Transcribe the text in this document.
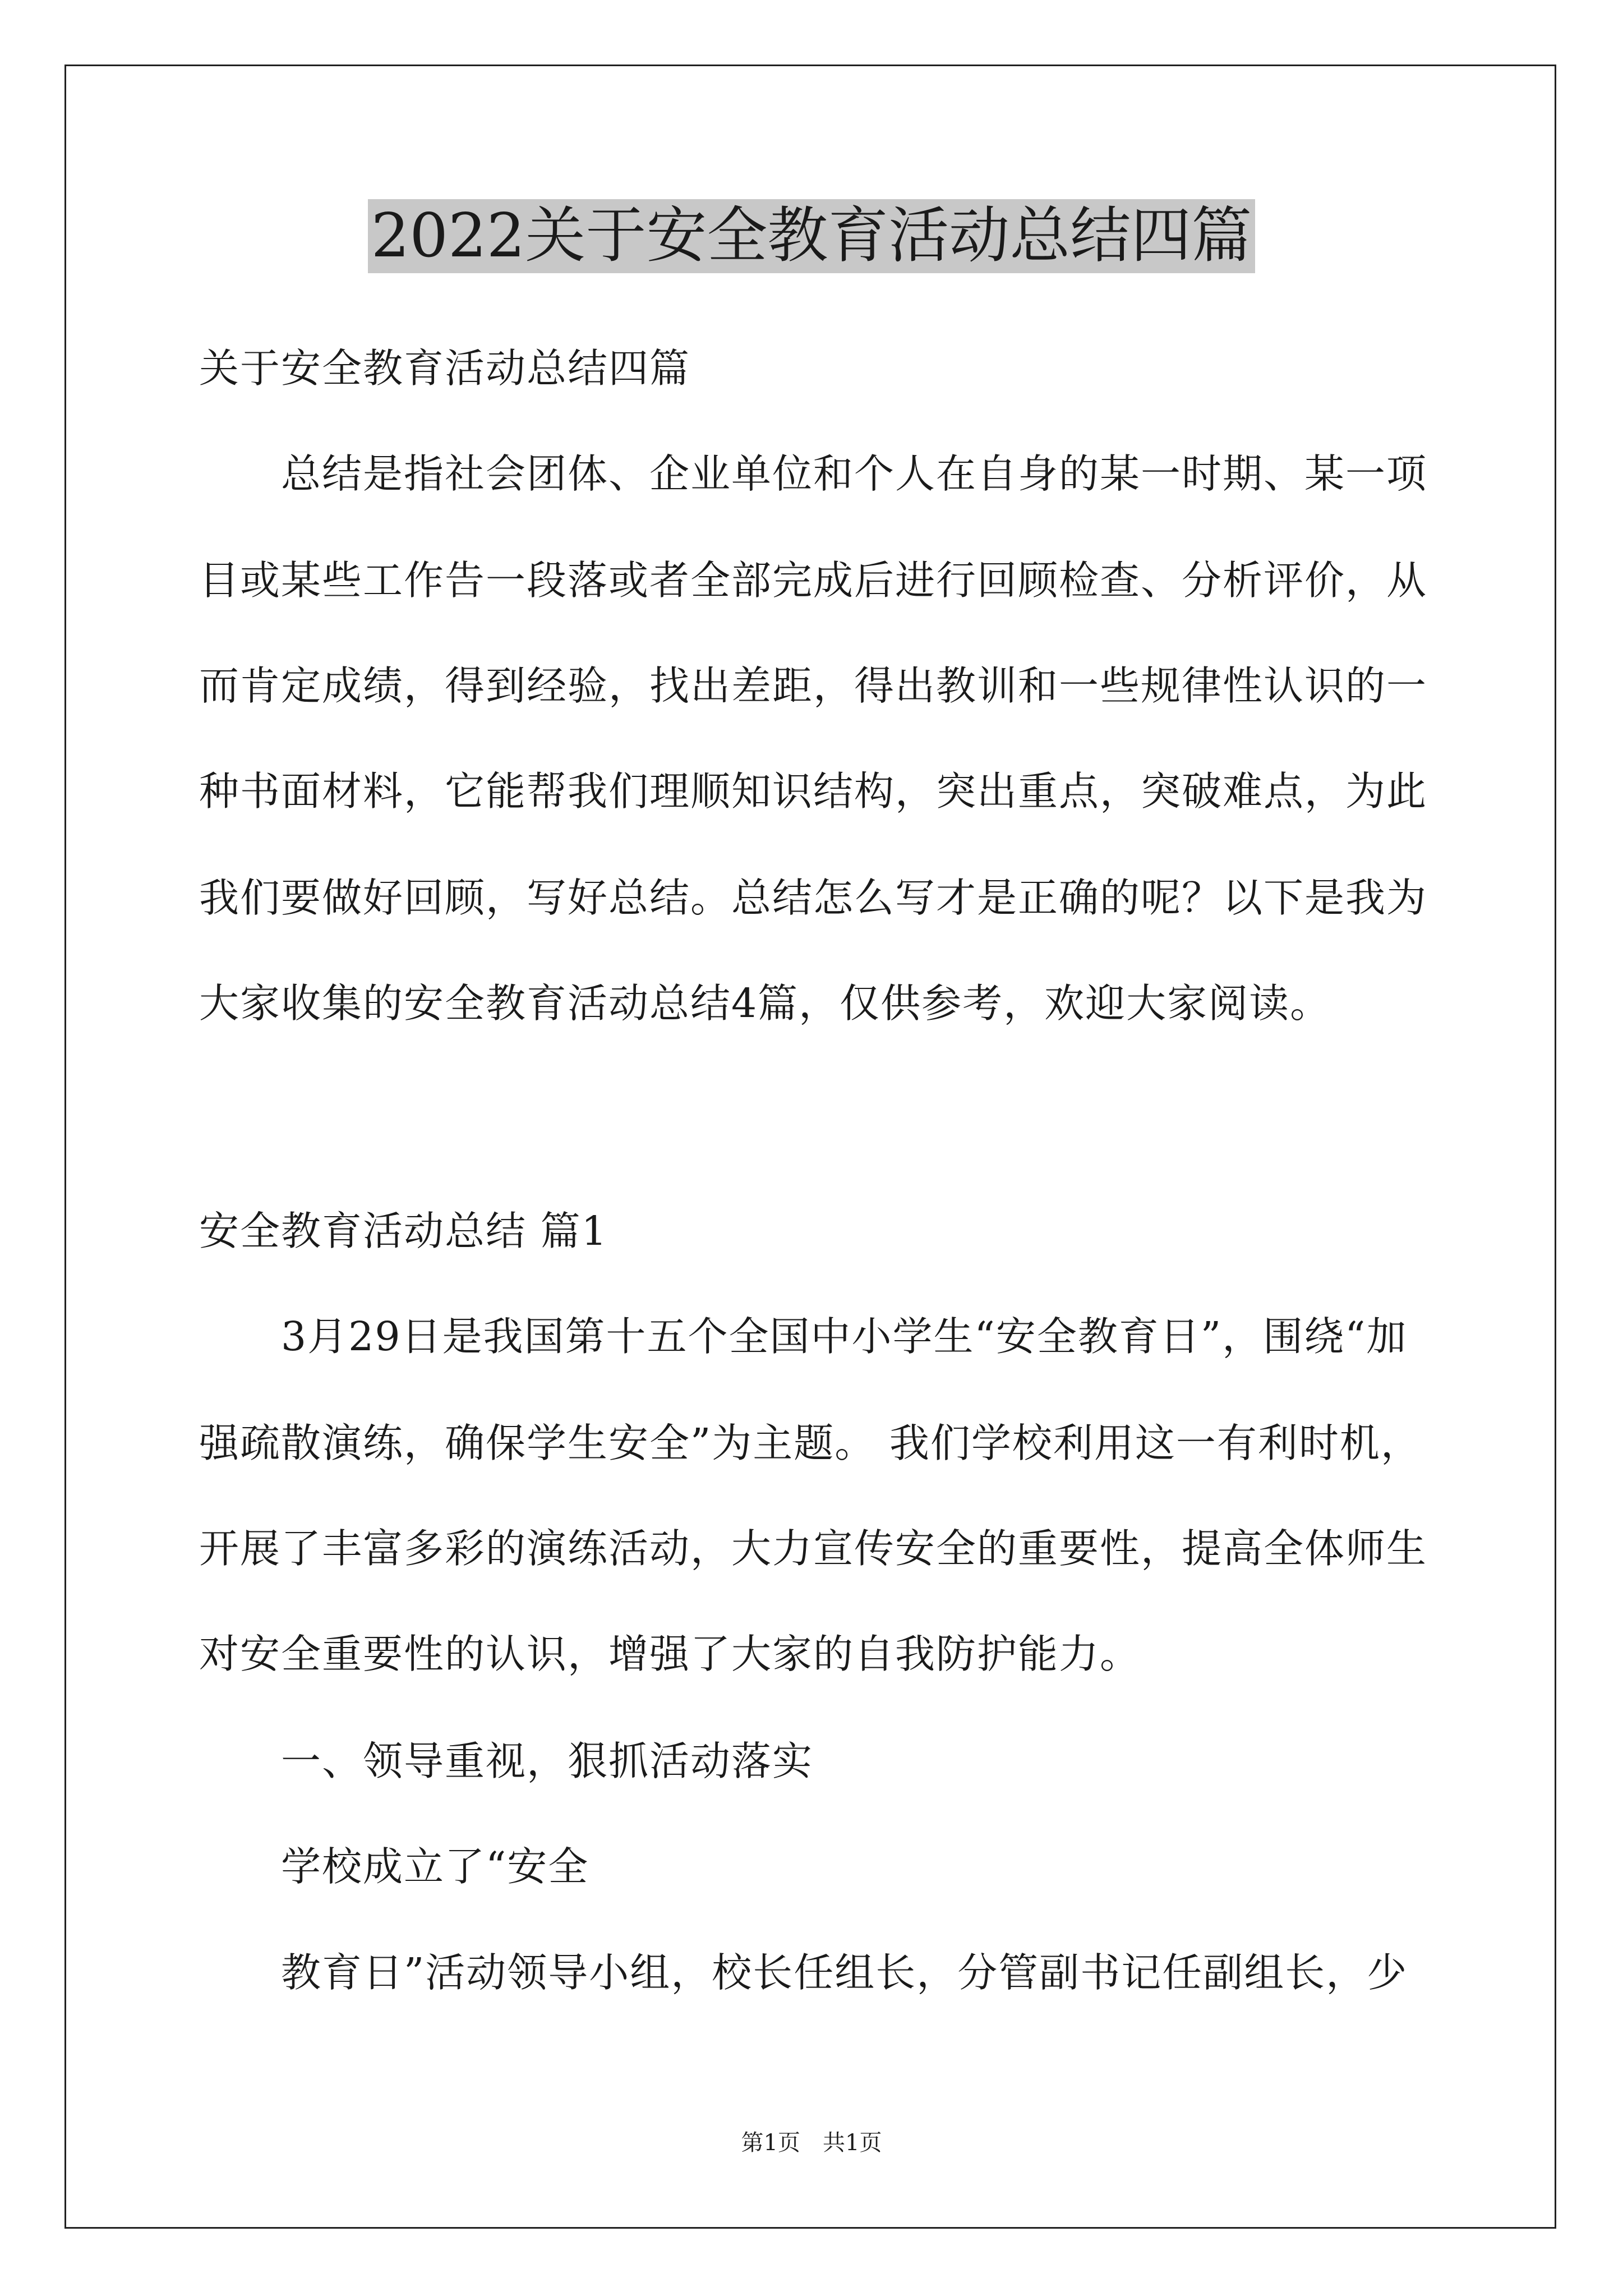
2022关于安全教育活动总结四篇
关于安全教育活动总结四篇
　　总结是指社会团体、企业单位和个人在自身的某一时期、某一项
目或某些工作告一段落或者全部完成后进行回顾检查、分析评价，从
而肯定成绩，得到经验，找出差距，得出教训和一些规律性认识的一
种书面材料，它能帮我们理顺知识结构，突出重点，突破难点，为此
我们要做好回顾，写好总结。总结怎么写才是正确的呢？以下是我为
大家收集的安全教育活动总结4篇，仅供参考，欢迎大家阅读。
安全教育活动总结 篇1
　　3月29日是我国第十五个全国中小学生“安全教育日”，围绕“加
强疏散演练，确保学生安全”为主题。 我们学校利用这一有利时机，
开展了丰富多彩的演练活动，大力宣传安全的重要性，提高全体师生
对安全重要性的认识，增强了大家的自我防护能力。
　　一、领导重视，狠抓活动落实
　　学校成立了“安全
　　教育日”活动领导小组，校长任组长，分管副书记任副组长，少
第1页　共1页
